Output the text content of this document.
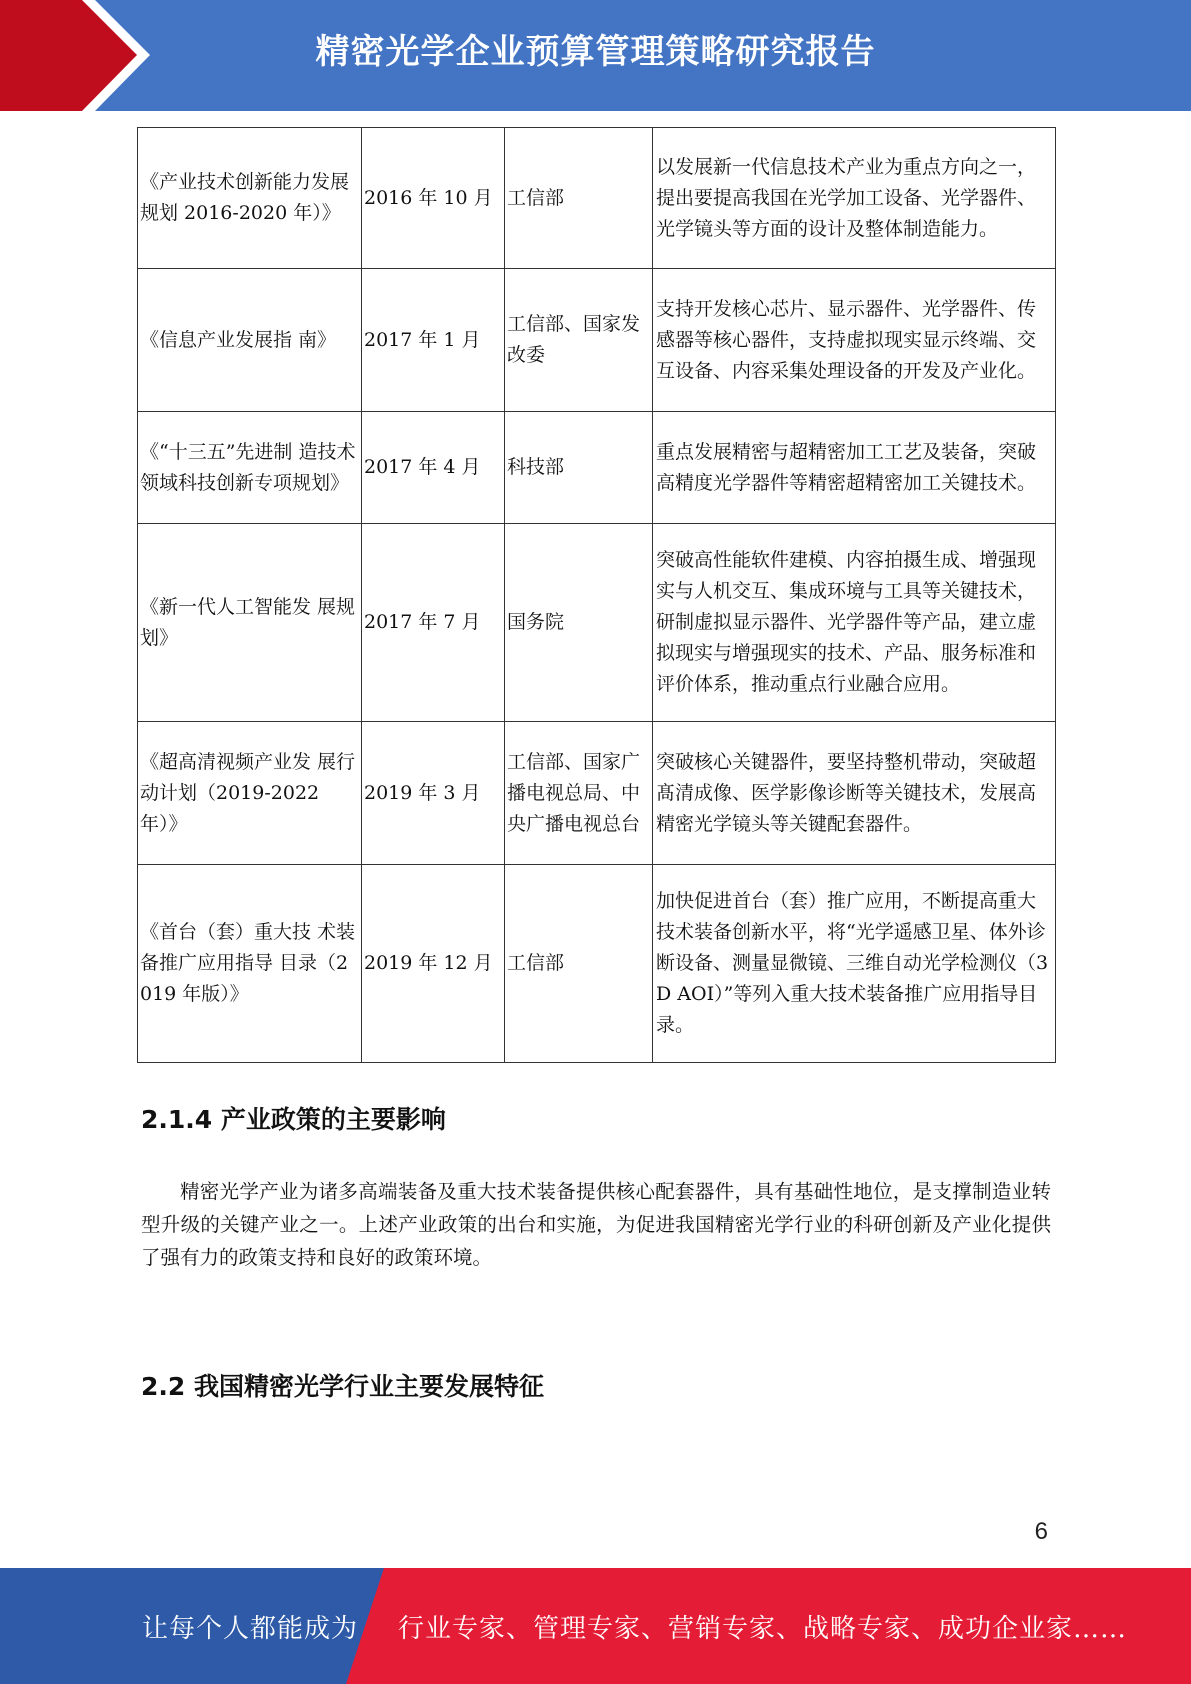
精密光学企业预算管理策略研究报告
《产业技术创新能力发展规划 2016-2020 年）》	2016 年 10 月	工信部	以发展新一代信息技术产业为重点方向之一，提出要提高我国在光学加工设备、光学器件、光学镜头等方面的设计及整体制造能力。
《信息产业发展指 南》	2017 年 1 月	工信部、国家发改委	支持开发核心芯片、显示器件、光学器件、传感器等核心器件，支持虚拟现实显示终端、交互设备、内容采集处理设备的开发及产业化。
《“十三五”先进制 造技术领域科技创新专项规划》	2017 年 4 月	科技部	重点发展精密与超精密加工工艺及装备，突破高精度光学器件等精密超精密加工关键技术。
《新一代人工智能发 展规划》	2017 年 7 月	国务院	突破高性能软件建模、内容拍摄生成、增强现实与人机交互、集成环境与工具等关键技术，研制虚拟显示器件、光学器件等产品，建立虚拟现实与增强现实的技术、产品、服务标准和评价体系，推动重点行业融合应用。
《超高清视频产业发 展行动计划（2019-2022 年）》	2019 年 3 月	工信部、国家广播电视总局、中央广播电视总台	突破核心关键器件，要坚持整机带动，突破超髙清成像、医学影像诊断等关键技术，发展高精密光学镜头等关键配套器件。
《首台（套）重大技 术装备推广应用指导 目录（2019 年版）》	2019 年 12 月	工信部	加快促进首台（套）推广应用，不断提高重大技术装备创新水平，将“光学遥感卫星、体外诊断设备、测量显微镜、三维自动光学检测仪（3D AOI）”等列入重大技术装备推广应用指导目录。
2.1.4 产业政策的主要影响
精密光学产业为诸多高端装备及重大技术装备提供核心配套器件，具有基础性地位，是支撑制造业转型升级的关键产业之一。上述产业政策的出台和实施，为促进我国精密光学行业的科研创新及产业化提供了强有力的政策支持和良好的政策环境。
2.2 我国精密光学行业主要发展特征
6
让每个人都能成为 行业专家、管理专家、营销专家、战略专家、成功企业家……
